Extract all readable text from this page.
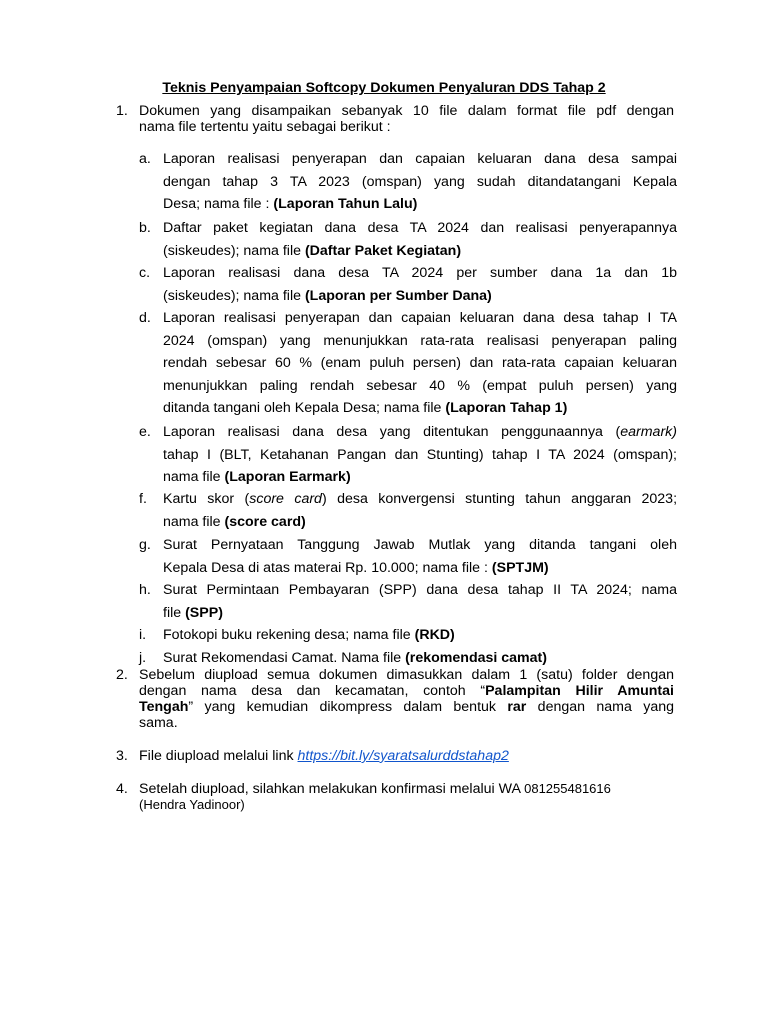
Teknis Penyampaian Softcopy Dokumen Penyaluran DDS Tahap 2
1. Dokumen yang disampaikan sebanyak 10 file dalam format file pdf dengan
nama file tertentu yaitu sebagai berikut :
a. Laporan realisasi penyerapan dan capaian keluaran dana desa sampai
dengan tahap 3 TA 2023 (omspan) yang sudah ditandatangani Kepala
Desa; nama file : (Laporan Tahun Lalu)
b. Daftar paket kegiatan dana desa TA 2024 dan realisasi penyerapannya
(siskeudes); nama file (Daftar Paket Kegiatan)
c. Laporan realisasi dana desa TA 2024 per sumber dana 1a dan 1b
(siskeudes); nama file (Laporan per Sumber Dana)
d. Laporan realisasi penyerapan dan capaian keluaran dana desa tahap I TA
2024 (omspan) yang menunjukkan rata-rata realisasi penyerapan paling
rendah sebesar 60 % (enam puluh persen) dan rata-rata capaian keluaran
menunjukkan paling rendah sebesar 40 % (empat puluh persen) yang
ditanda tangani oleh Kepala Desa; nama file (Laporan Tahap 1)
e. Laporan realisasi dana desa yang ditentukan penggunaannya (earmark)
tahap I (BLT, Ketahanan Pangan dan Stunting) tahap I TA 2024 (omspan);
nama file (Laporan Earmark)
f.	Kartu skor (score card) desa konvergensi stunting tahun anggaran 2023;
nama file (score card)
g. Surat Pernyataan Tanggung Jawab Mutlak yang ditanda tangani oleh
Kepala Desa di atas materai Rp. 10.000; nama file : (SPTJM)
h. Surat Permintaan Pembayaran (SPP) dana desa tahap II TA 2024; nama
file (SPP)
i.	Fotokopi buku rekening desa; nama file (RKD)
j.	Surat Rekomendasi Camat. Nama file (rekomendasi camat)
2. Sebelum diupload semua dokumen dimasukkan dalam 1 (satu) folder dengan
dengan nama desa dan kecamatan, contoh “Palampitan Hilir Amuntai
Tengah” yang kemudian dikompress dalam bentuk rar dengan nama yang
sama.
3. File diupload melalui link https://bit.ly/syaratsalurddstahap2
4. Setelah diupload, silahkan melakukan konfirmasi melalui WA 081255481616
(Hendra Yadinoor)
